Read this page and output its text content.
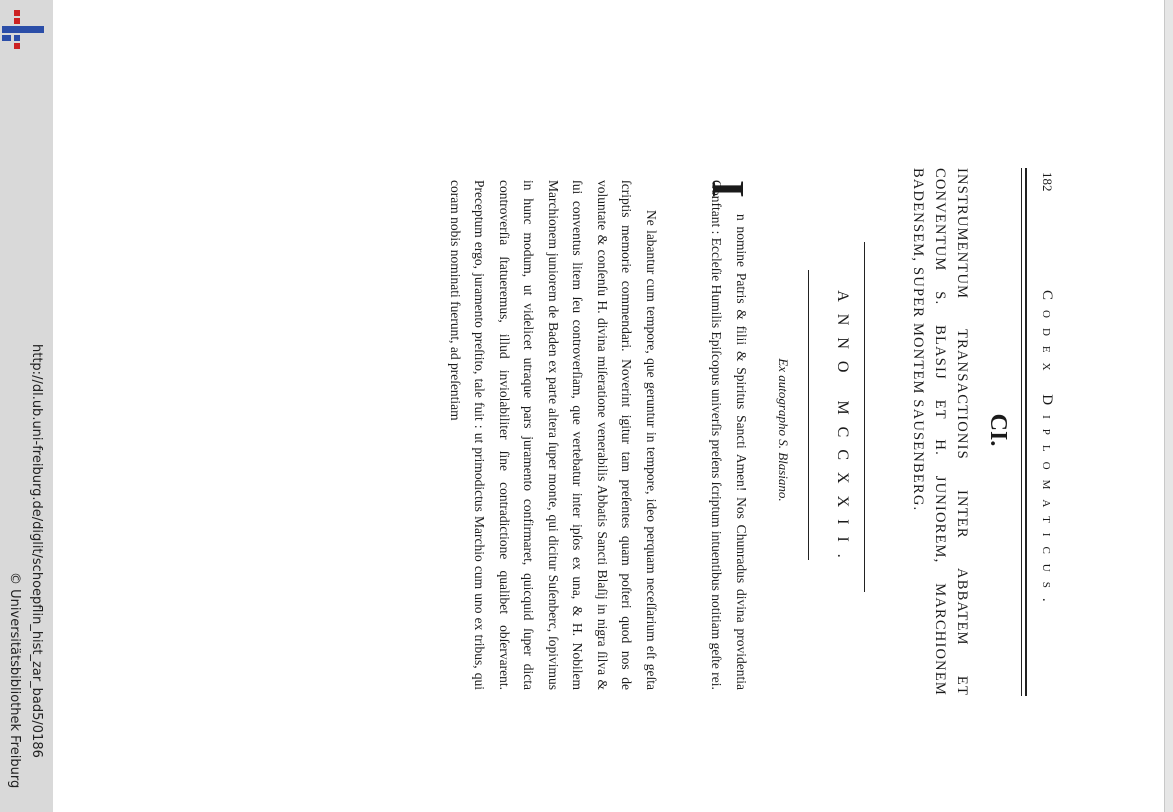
http://dl.ub.uni-freiburg.de/diglit/schoepflin_hist_zar_bad5/0186
© Universitätsbibliothek Freiburg
182
Codex Diplomaticus.
CI.
INSTRUMENTUM TRANSACTIONIS INTER ABBATEM ET CONVENTUM S. BLASIJ ET H. JUNIOREM, MARCHIONEM BADENSEM, SUPER MONTEM SAUSENBERG.
ANNO MCCXXII.
Ex autographo S. Blasiano.
I

n nomine Patris & filii & Spiritus Sancti Amen! Nos Chunradus divina providentia Conftant : Eccleſie Humilis Epiſcopus univerſis preſens ſcriptum intuentibus notitiam geſte rei.

Ne labantur cum tempore, que geruntur in tempore, ideo perquam neceſſarium eſt geſta ſcriptis memorie commendari. Noverint igitur tam preſentes quam poſteri quod nos de voluntate & conſenſu H. divina miſeratione venerabilis Abbatis Sancti Blaſij in nigra ſilva & ſui conventus litem ſeu controverſiam, que vertebatur inter ipſos ex una, & H. Nobilem Marchionem juniorem de Baden ex parte altera ſuper monte, qui dicitur Suſenberc, ſopivimus in hunc modum, ut videlicet utraque pars juramento confirmaret, quicquid ſuper dicta controverſia ſtatueremus, illud inviolabiliter ſine contradictione qualibet obſervarent. Preceptum ergo, juramento preſtito, tale fuit : ut primodictus Marchio cum uno ex tribus, qui coram nobis nominati fuerunt, ad preſentiam
